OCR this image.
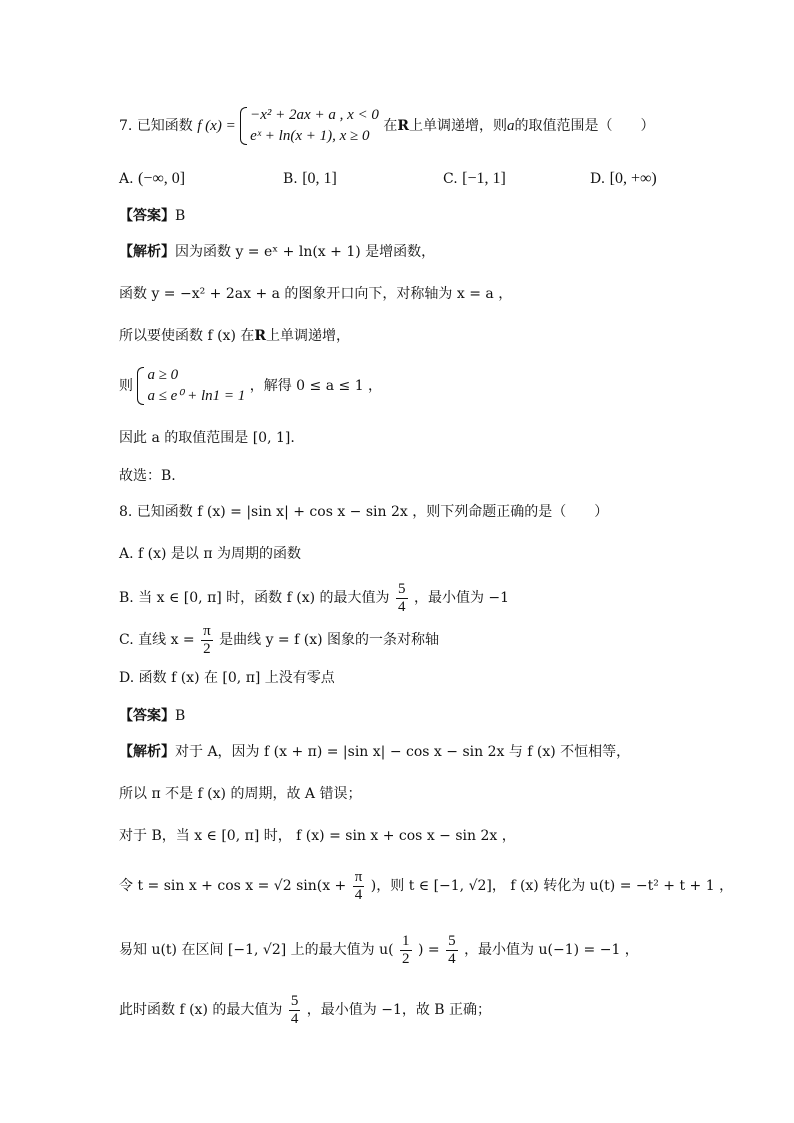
7. 已知函数 f (x) =
−x² + 2ax + a , x < 0
eˣ + ln(x + 1), x ≥ 0
在R上单调递增，则a的取值范围是（　　）
A. (−∞, 0]	B. [0, 1]	C. [−1, 1]	D. [0, +∞)
【答案】B
【解析】因为函数 y = eˣ + ln(x + 1) 是增函数，
函数 y = −x² + 2ax + a 的图象开口向下，对称轴为 x = a ，
所以要使函数 f (x) 在R上单调递增，
则
a ≥ 0
a ≤ e⁰ + ln1 = 1
，解得 0 ≤ a ≤ 1 ，
因此 a 的取值范围是 [0, 1].
故选：B.
8. 已知函数 f (x) = |sin x| + cos x − sin 2x ，则下列命题正确的是（　　）
A. f (x) 是以 π 为周期的函数
B. 当 x ∈ [0, π] 时，函数 f (x) 的最大值为 $\frac{5}{4}$ ，最小值为 −1
C. 直线 $x = \frac{\pi}{2}$ 是曲线 y = f (x) 图象的一条对称轴
D. 函数 f (x) 在 [0, π] 上没有零点
【答案】B
【解析】对于 A，因为 f (x + π) = |sin x| − cos x − sin 2x 与 f (x) 不恒相等，
所以 π 不是 f (x) 的周期，故 A 错误；
对于 B，当 x ∈ [0, π] 时， f (x) = sin x + cos x − sin 2x ，
令 t = sin x + cos x = √2 $\sin(x + \frac{\pi}{4}$ )，则 t ∈ [−1, √2]， f (x) 转化为 u(t) = −t² + t + 1 ，
易知 u(t) 在区间 [−1, √2] 上的最大值为 $u( \frac{1}{2}$ ) = $\frac{5}{4}$ ，最小值为 u(−1) = −1 ，
此时函数 f (x) 的最大值为 $\frac{5}{4}$ ，最小值为 −1，故 B 正确；
